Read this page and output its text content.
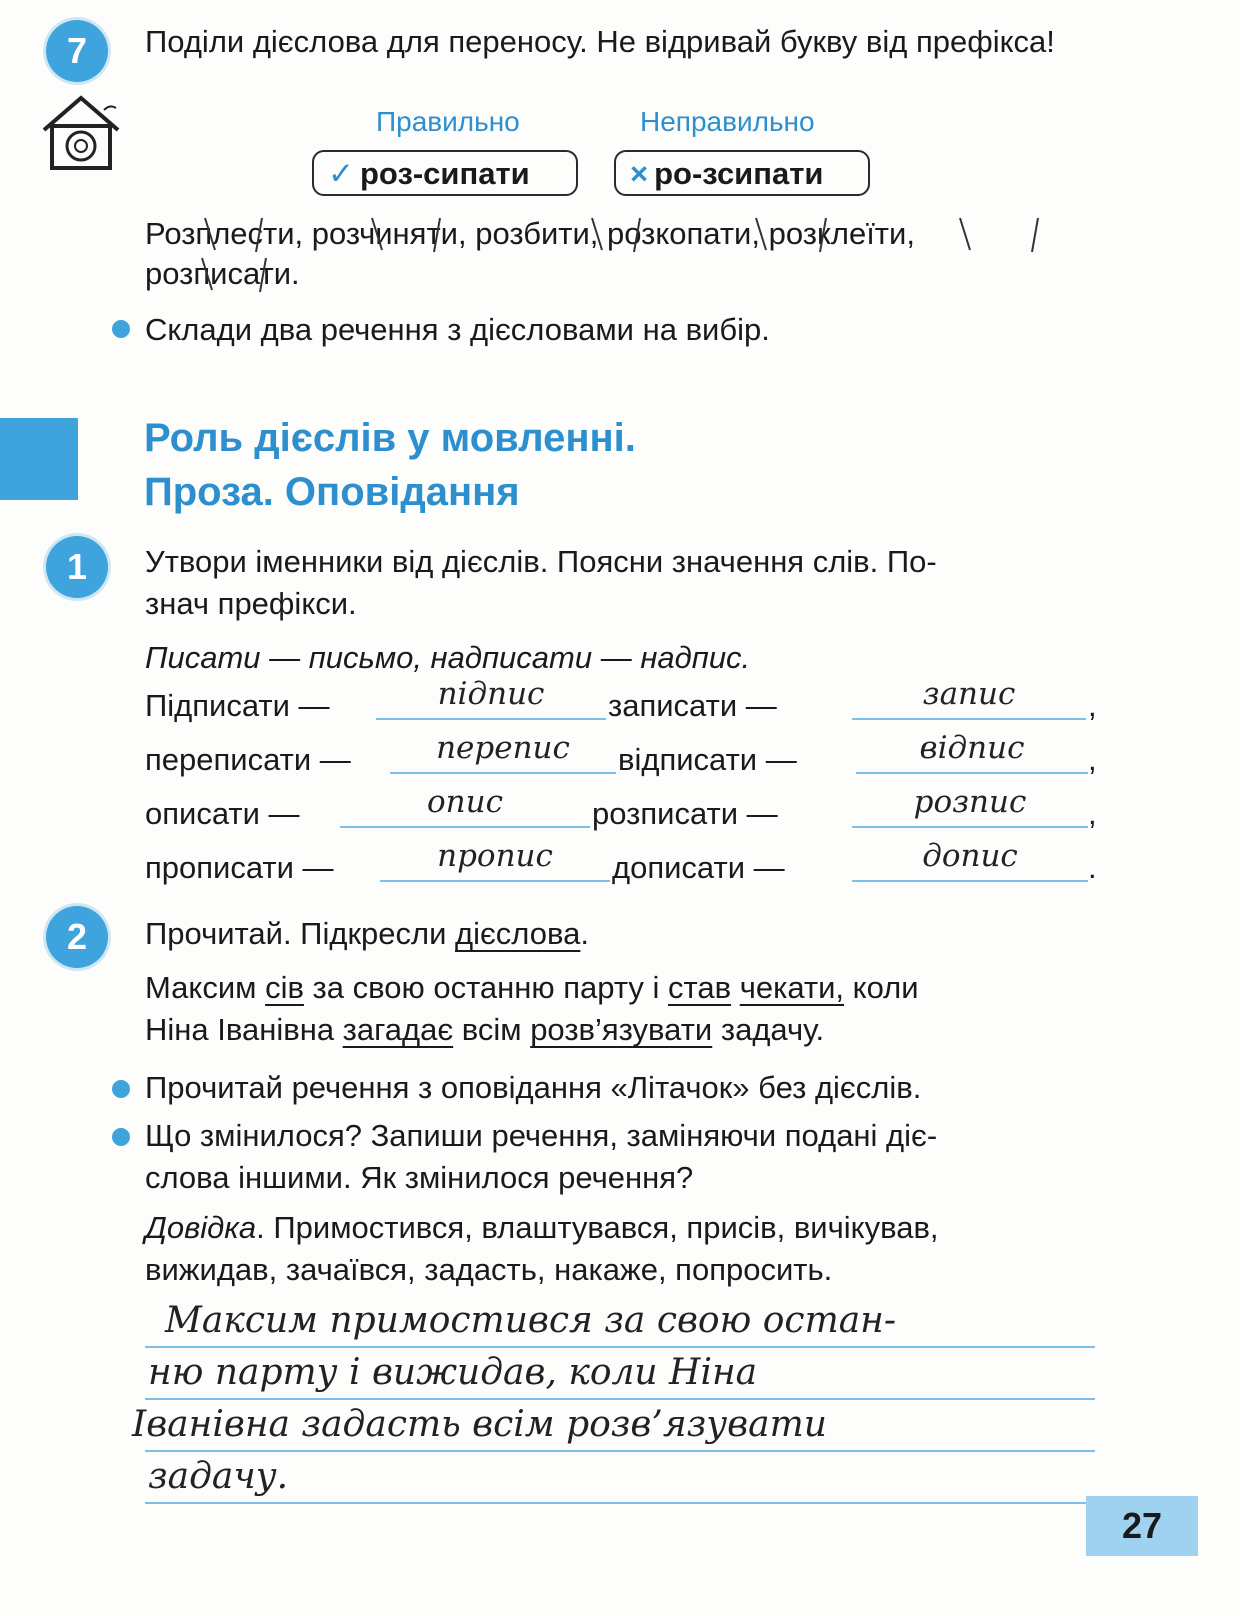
7	Поділи дієслова для переносу. Не відривай букву від префікса!
Правильно	Неправильно
✓ роз-сипати	× ро-зсипати
Розплести, розчиняти, розбити, розкопати, розклеїти,
розписати.
Склади два речення з дієсловами на вибір.
Роль дієслів у мовленні.
Проза. Оповідання
1	Утвори іменники від дієслів. Поясни значення слів. По-
знач префікси.
Писати — письмо, надписати — надпис.
Підписати —	підпис	записати —	запис	,
переписати —	перепис	відписати —	відпис	,
описати —	опис	розписати —	розпис	,
прописати —	пропис	дописати —	допис	.
2	Прочитай. Підкресли дієслова.
Максим сів за свою останню парту і став чекати, коли
Ніна Іванівна загадає всім розв’язувати задачу.
Прочитай речення з оповідання «Літачок» без дієслів.
Що змінилося? Запиши речення, заміняючи подані діє-
слова іншими. Як змінилося речення?
Довідка. Примостився, влаштувався, присів, вичікував,
вижидав, зачаївся, задасть, накаже, попросить.
Максим примостився за свою остан-
ню парту і вижидав, коли Ніна
Іванівна задасть всім розв’язувати
задачу.
27
